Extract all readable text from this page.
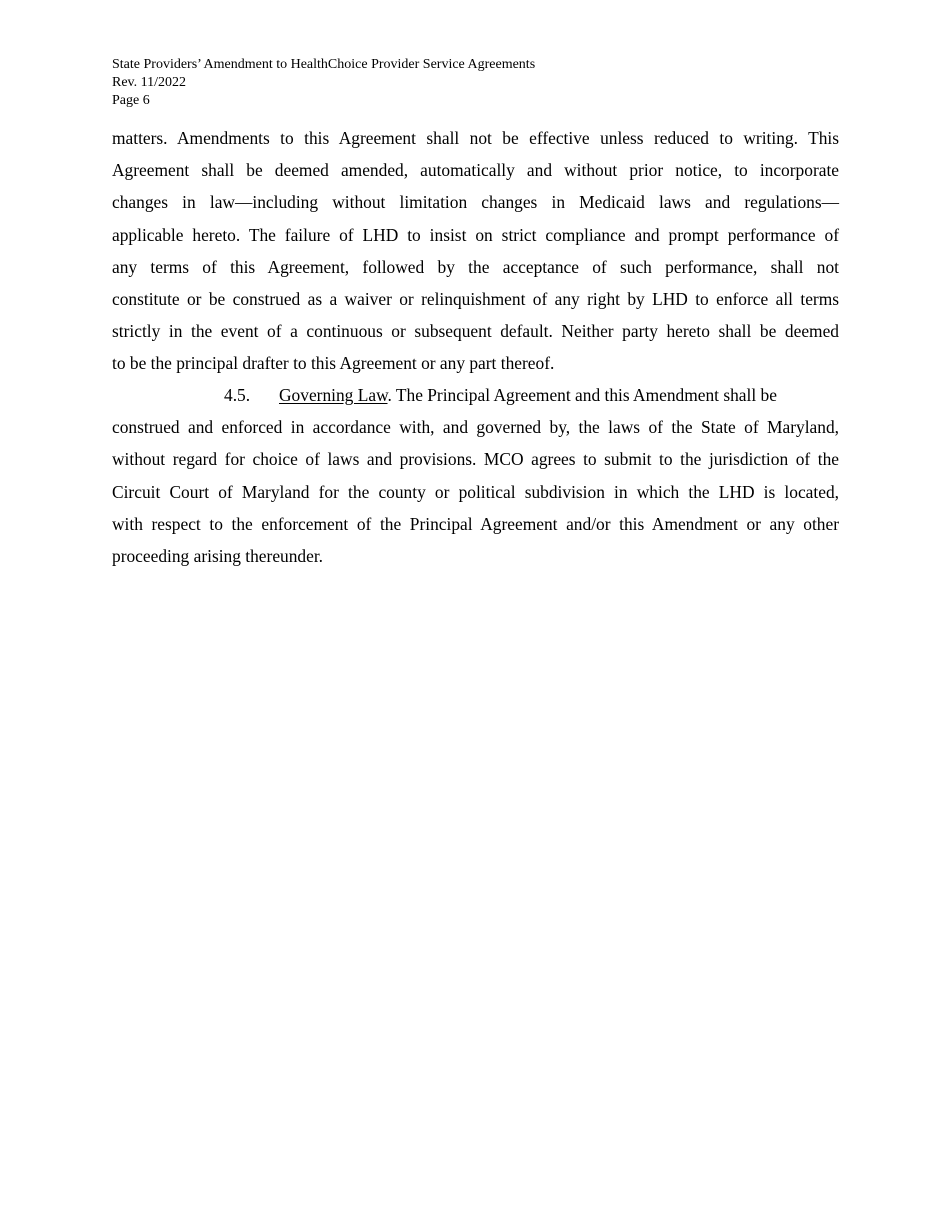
State Providers’ Amendment to HealthChoice Provider Service Agreements
Rev. 11/2022
Page 6
matters. Amendments to this Agreement shall not be effective unless reduced to writing. This
Agreement shall be deemed amended, automatically and without prior notice, to incorporate
changes in law—including without limitation changes in Medicaid laws and regulations—
applicable hereto. The failure of LHD to insist on strict compliance and prompt performance of
any terms of this Agreement, followed by the acceptance of such performance, shall not
constitute or be construed as a waiver or relinquishment of any right by LHD to enforce all terms
strictly in the event of a continuous or subsequent default. Neither party hereto shall be deemed
to be the principal drafter to this Agreement or any part thereof.
4.5. Governing Law. The Principal Agreement and this Amendment shall be
construed and enforced in accordance with, and governed by, the laws of the State of Maryland,
without regard for choice of laws and provisions. MCO agrees to submit to the jurisdiction of the
Circuit Court of Maryland for the county or political subdivision in which the LHD is located,
with respect to the enforcement of the Principal Agreement and/or this Amendment or any other
proceeding arising thereunder.
